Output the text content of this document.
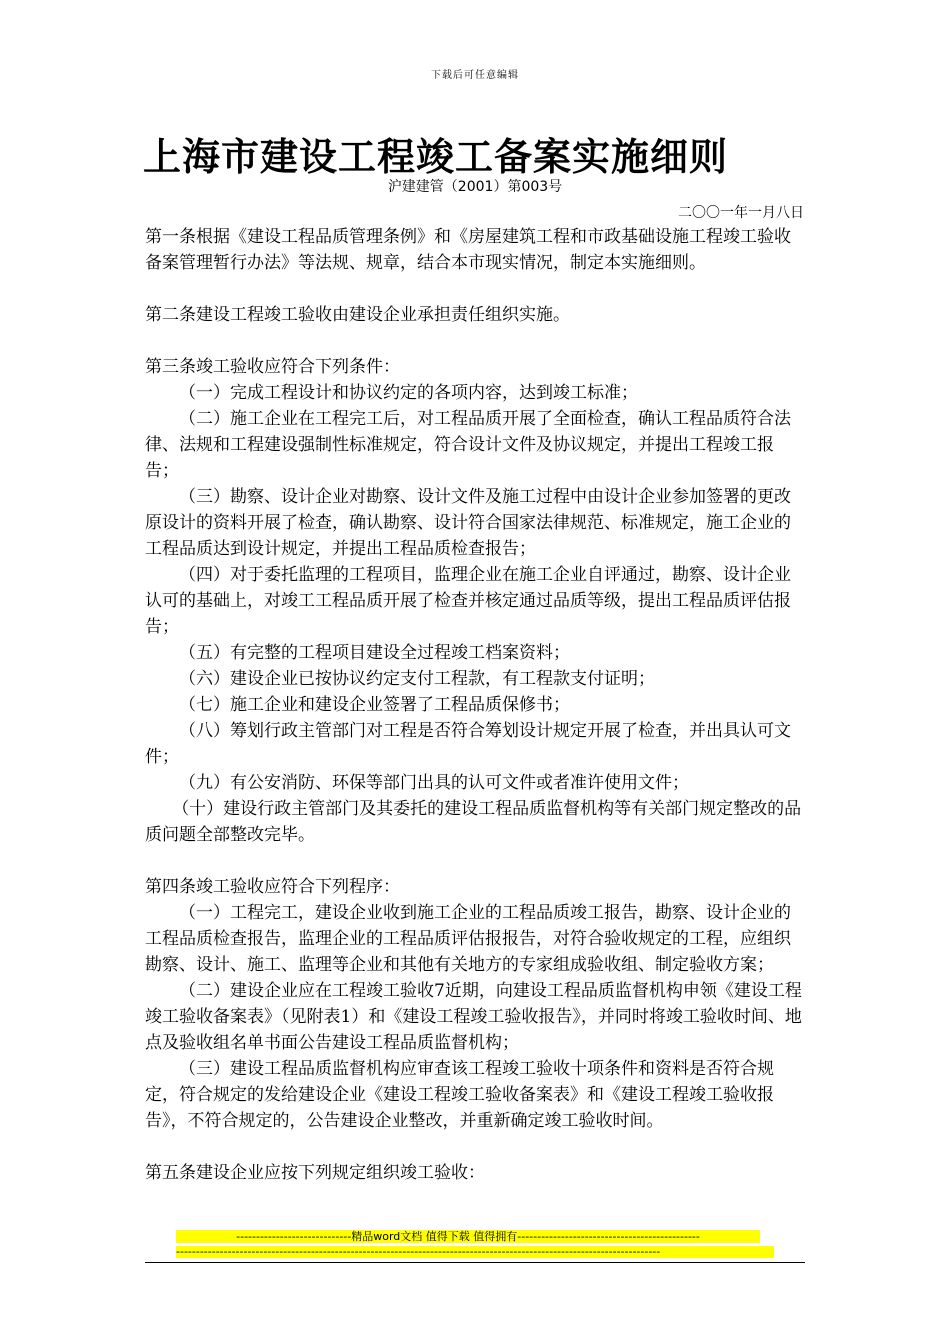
下载后可任意编辑
上海市建设工程竣工备案实施细则
沪建建管（2001）第003号
二〇〇一年一月八日

第一条根据《建设工程品质管理条例》和《房屋建筑工程和市政基础设施工程竣工验收备案管理暂行办法》等法规、规章，结合本市现实情况，制定本实施细则。

第二条建设工程竣工验收由建设企业承担责任组织实施。

第三条竣工验收应符合下列条件：

（一）完成工程设计和协议约定的各项内容，达到竣工标准；

（二）施工企业在工程完工后，对工程品质开展了全面检查，确认工程品质符合法律、法规和工程建设强制性标准规定，符合设计文件及协议规定，并提出工程竣工报告；

（三）勘察、设计企业对勘察、设计文件及施工过程中由设计企业参加签署的更改原设计的资料开展了检查，确认勘察、设计符合国家法律规范、标准规定，施工企业的工程品质达到设计规定，并提出工程品质检查报告；

（四）对于委托监理的工程项目，监理企业在施工企业自评通过，勘察、设计企业认可的基础上，对竣工工程品质开展了检查并核定通过品质等级，提出工程品质评估报告；

（五）有完整的工程项目建设全过程竣工档案资料；

（六）建设企业已按协议约定支付工程款，有工程款支付证明；

（七）施工企业和建设企业签署了工程品质保修书；

（八）筹划行政主管部门对工程是否符合筹划设计规定开展了检查，并出具认可文件；

（九）有公安消防、环保等部门出具的认可文件或者准许使用文件；

（十）建设行政主管部门及其委托的建设工程品质监督机构等有关部门规定整改的品质问题全部整改完毕。

第四条竣工验收应符合下列程序：

（一）工程完工，建设企业收到施工企业的工程品质竣工报告，勘察、设计企业的工程品质检查报告，监理企业的工程品质评估报报告，对符合验收规定的工程，应组织勘察、设计、施工、监理等企业和其他有关地方的专家组成验收组、制定验收方案；

（二）建设企业应在工程竣工验收7近期，向建设工程品质监督机构申领《建设工程竣工验收备案表》（见附表1）和《建设工程竣工验收报告》，并同时将竣工验收时间、地点及验收组名单书面公告建设工程品质监督机构；

（三）建设工程品质监督机构应审查该工程竣工验收十项条件和资料是否符合规定，符合规定的发给建设企业《建设工程竣工验收备案表》和《建设工程竣工验收报告》，不符合规定的，公告建设企业整改，并重新确定竣工验收时间。

第五条建设企业应按下列规定组织竣工验收：

-----------------------------精品word文档 值得下载 值得拥有----------------------------------------------
--------------------------------------------------------------------------------------------------------------------------
